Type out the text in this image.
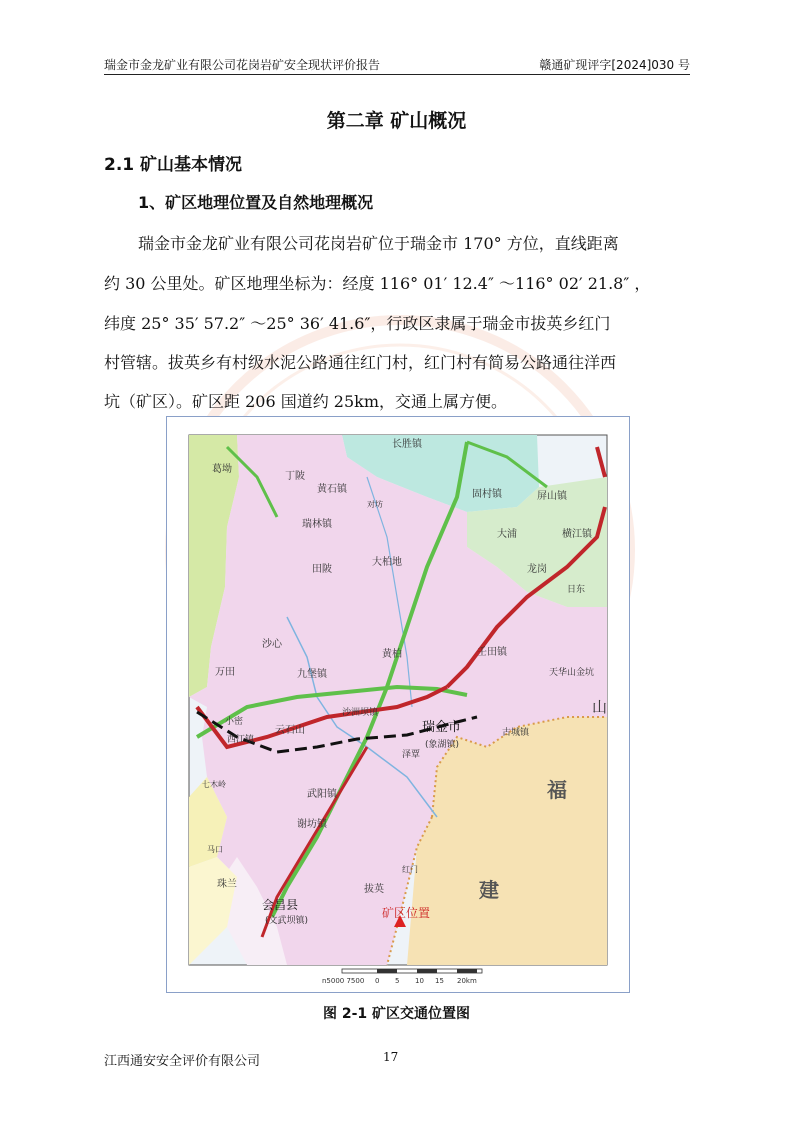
瑞金市金龙矿业有限公司花岗岩矿安全现状评价报告	赣通矿现评字[2024]030 号
第二章 矿山概况
2.1 矿山基本情况
1、矿区地理位置及自然地理概况
瑞金市金龙矿业有限公司花岗岩矿位于瑞金市 170° 方位，直线距离
约 30 公里处。矿区地理坐标为：经度 116° 01′ 12.4″ ～116° 02′ 21.8″ ，
纬度 25° 35′ 57.2″ ～25° 36′ 41.6″，行政区隶属于瑞金市拔英乡红门
村管辖。拔英乡有村级水泥公路通往红门村，红门村有简易公路通往洋西
坑（矿区）。矿区距 206 国道约 25km，交通上属方便。
葛坳
丁陂
长胜镇
黄石镇
对坊
瑞林镇
田陂
大柏地
固村镇	屏山镇
大浦	横江镇
龙岗
日东
沙心
九堡镇
黄柏	壬田镇
天华山金坑
万田
小密
西江镇
云石山
沙洲坝镇
瑞金市
(象湖镇)
古城镇
山
福
泽覃
武阳镇
谢坊镇
建
珠兰	拔英
会昌县
(文武坝镇)
矿区位置
七木岭
马口
红门
n5000 7500 0 5 10 15 20km
图 2-1 矿区交通位置图
江西通安安全评价有限公司	17
